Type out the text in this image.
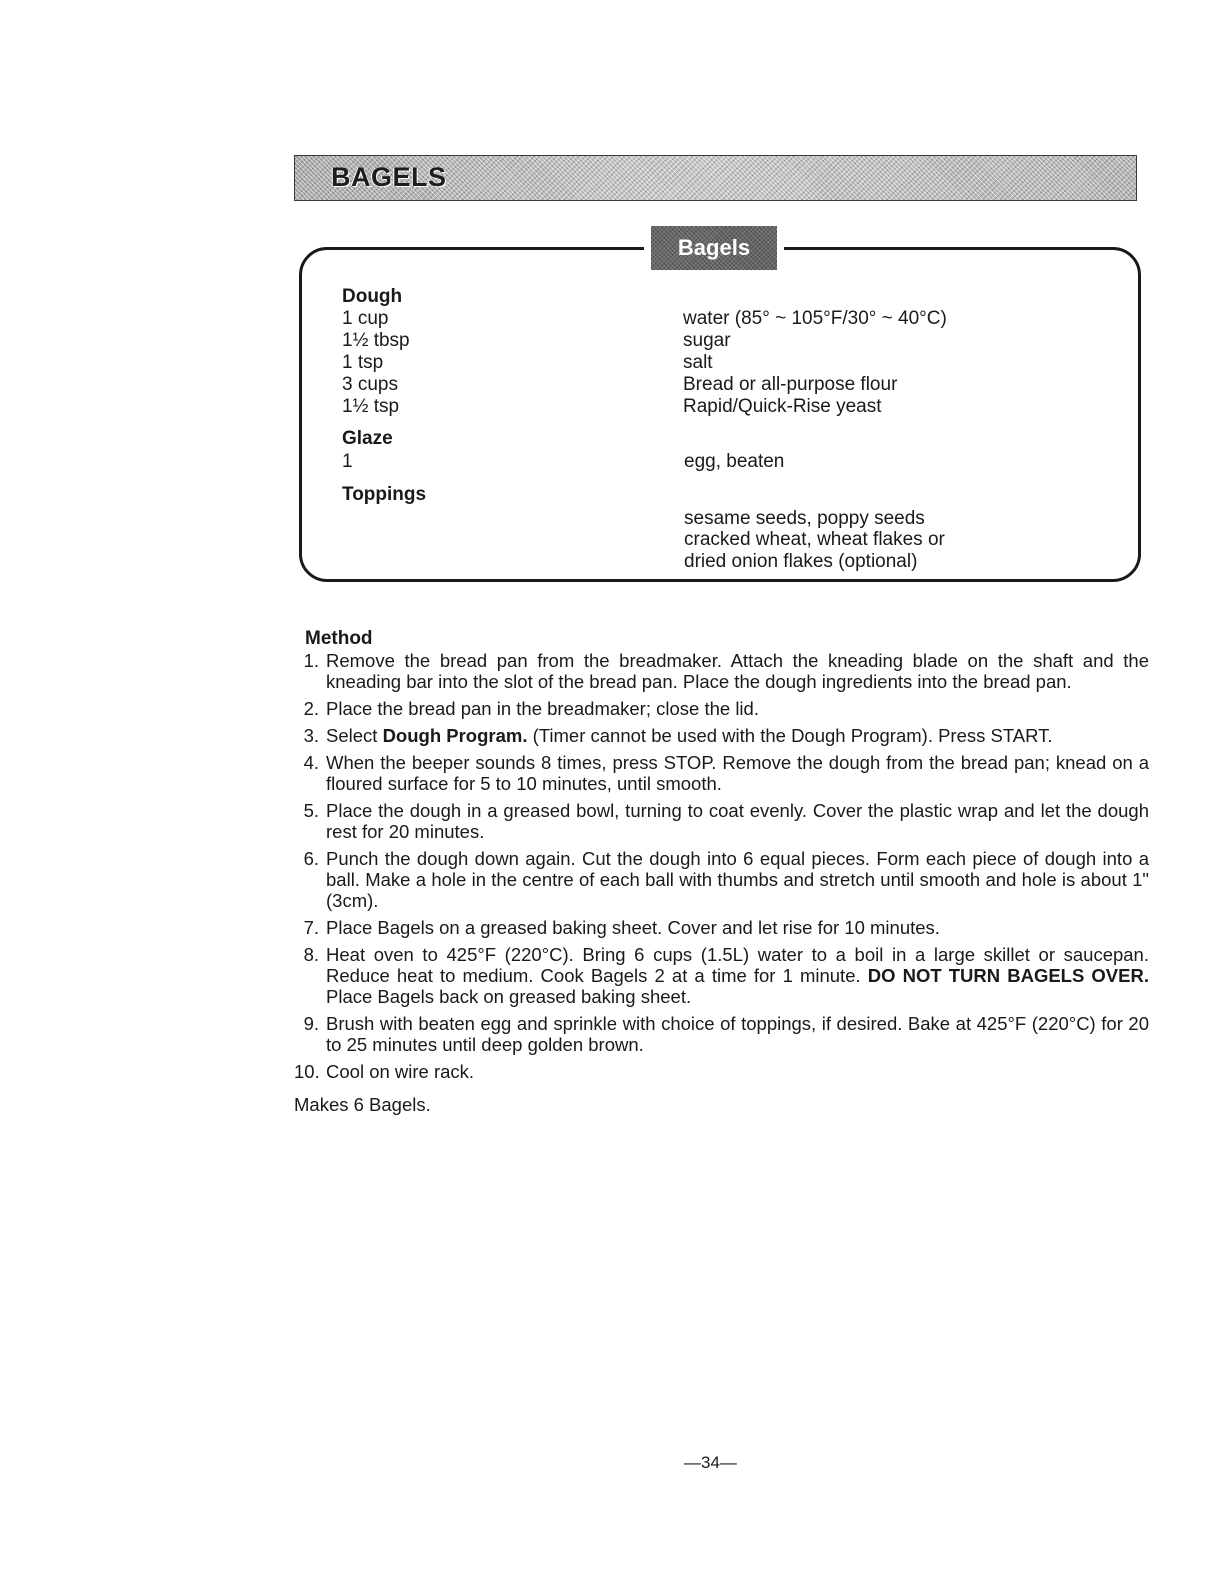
BAGELS
Bagels
Dough
1 cup	water (85° ~ 105°F/30° ~ 40°C)
1½ tbsp	sugar
1 tsp	salt
3 cups	Bread or all-purpose flour
1½ tsp	Rapid/Quick-Rise yeast
Glaze
1	egg, beaten
Toppings
sesame seeds, poppy seeds
cracked wheat, wheat flakes or
dried onion flakes (optional)
Method
1. Remove the bread pan from the breadmaker. Attach the kneading blade on the shaft and the kneading bar into the slot of the bread pan. Place the dough ingredients into the bread pan.
2. Place the bread pan in the breadmaker; close the lid.
3. Select Dough Program. (Timer cannot be used with the Dough Program). Press START.
4. When the beeper sounds 8 times, press STOP. Remove the dough from the bread pan; knead on a floured surface for 5 to 10 minutes, until smooth.
5. Place the dough in a greased bowl, turning to coat evenly. Cover the plastic wrap and let the dough rest for 20 minutes.
6. Punch the dough down again. Cut the dough into 6 equal pieces. Form each piece of dough into a ball. Make a hole in the centre of each ball with thumbs and stretch until smooth and hole is about 1" (3cm).
7. Place Bagels on a greased baking sheet. Cover and let rise for 10 minutes.
8. Heat oven to 425°F (220°C). Bring 6 cups (1.5L) water to a boil in a large skillet or saucepan. Reduce heat to medium. Cook Bagels 2 at a time for 1 minute. DO NOT TURN BAGELS OVER. Place Bagels back on greased baking sheet.
9. Brush with beaten egg and sprinkle with choice of toppings, if desired. Bake at 425°F (220°C) for 20 to 25 minutes until deep golden brown.
10. Cool on wire rack.
Makes 6 Bagels.
—34—
